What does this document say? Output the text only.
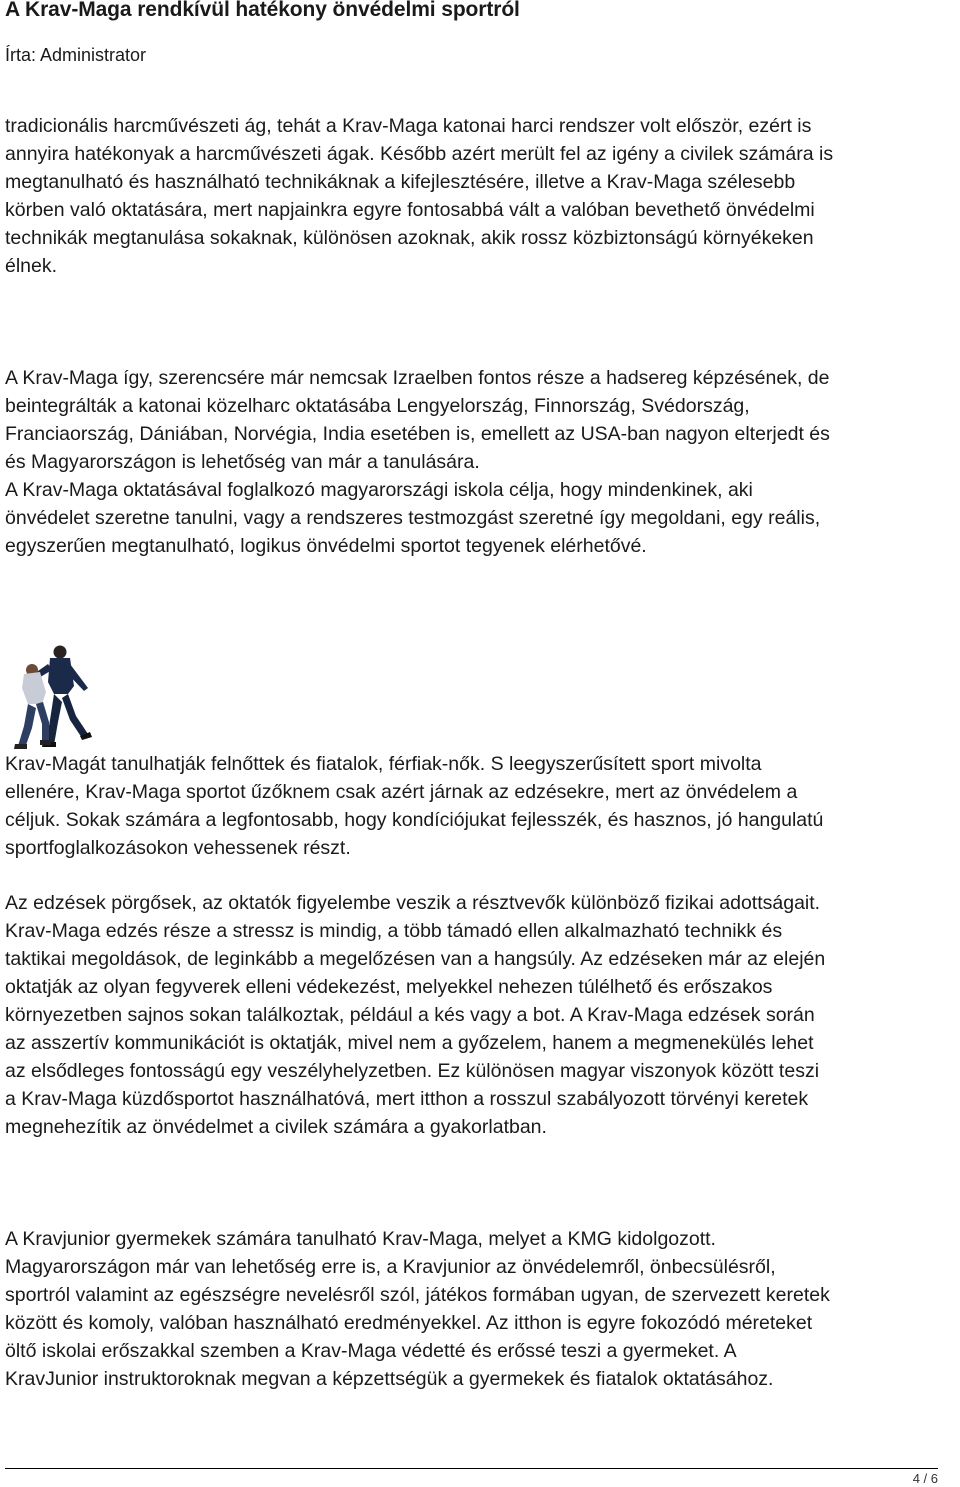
A Krav-Maga rendkívül hatékony önvédelmi sportról

Írta: Administrator

tradicionális harcművészeti ág, tehát a Krav-Maga katonai harci rendszer volt először, ezért is
annyira hatékonyak a harcművészeti ágak. Később azért merült fel az igény a civilek számára is
megtanulható és használható technikáknak a kifejlesztésére, illetve a Krav-Maga szélesebb
körben való oktatására, mert napjainkra egyre fontosabbá vált a valóban bevethető önvédelmi
technikák megtanulása sokaknak, különösen azoknak, akik rossz közbiztonságú környékeken
élnek.

A Krav-Maga így, szerencsére már nemcsak Izraelben fontos része a hadsereg képzésének, de
beintegrálták a katonai közelharc oktatásába Lengyelország, Finnország, Svédország,
Franciaország, Dániában, Norvégia, India esetében is, emellett az USA-ban nagyon elterjedt és
és Magyarországon is lehetőség van már a tanulására.
A Krav-Maga oktatásával foglalkozó magyarországi iskola célja, hogy mindenkinek, aki
önvédelet szeretne tanulni, vagy a rendszeres testmozgást szeretné így megoldani, egy reális,
egyszerűen megtanulható, logikus önvédelmi sportot tegyenek elérhetővé.

Krav-Magát tanulhatják felnőttek és fiatalok, férfiak-nők. S leegyszerűsített sport mivolta
ellenére, Krav-Maga sportot űzőknem csak azért járnak az edzésekre, mert az önvédelem a
céljuk. Sokak számára a legfontosabb, hogy kondíciójukat fejlesszék, és hasznos, jó hangulatú
sportfoglalkozásokon vehessenek részt.

Az edzések pörgősek, az oktatók figyelembe veszik a résztvevők különböző fizikai adottságait.
Krav-Maga edzés része a stressz is mindig, a több támadó ellen alkalmazható technikk és
taktikai megoldások, de leginkább a megelőzésen van a hangsúly. Az edzéseken már az elején
oktatják az olyan fegyverek elleni védekezést, melyekkel nehezen túlélhető és erőszakos
környezetben sajnos sokan találkoztak, például a kés vagy a bot. A Krav-Maga edzések során
az asszertív kommunikációt is oktatják, mivel nem a győzelem, hanem a megmenekülés lehet
az elsődleges fontosságú egy veszélyhelyzetben. Ez különösen magyar viszonyok között teszi
a Krav-Maga küzdősportot használhatóvá, mert itthon a rosszul szabályozott törvényi keretek
megnehezítik az önvédelmet a civilek számára a gyakorlatban.

A Kravjunior gyermekek számára tanulható Krav-Maga, melyet a KMG kidolgozott.
Magyarországon már van lehetőség erre is, a Kravjunior az önvédelemről, önbecsülésről,
sportról valamint az egészségre nevelésről szól, játékos formában ugyan, de szervezett keretek
között és komoly, valóban használható eredményekkel. Az itthon is egyre fokozódó méreteket
öltő iskolai erőszakkal szemben a Krav-Maga védetté és erőssé teszi a gyermeket. A
KravJunior instruktoroknak megvan a képzettségük a gyermekek és fiatalok oktatásához.

4 / 6
